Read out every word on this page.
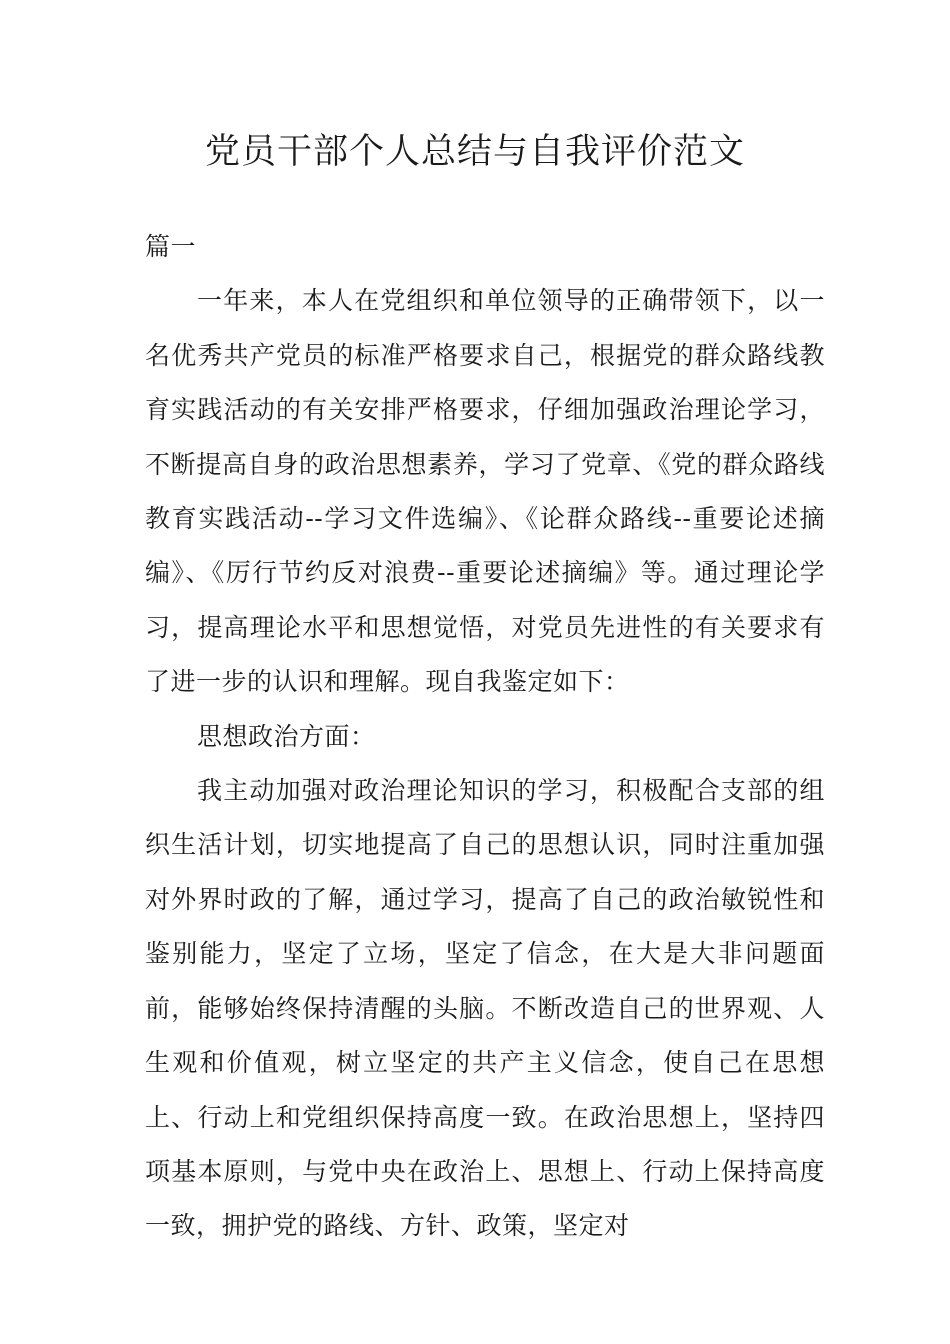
党员干部个人总结与自我评价范文

篇一

一年来，本人在党组织和单位领导的正确带领下，以一名优秀共产党员的标准严格要求自己，根据党的群众路线教育实践活动的有关安排严格要求，仔细加强政治理论学习，不断提高自身的政治思想素养，学习了党章、《党的群众路线教育实践活动--学习文件选编》、《论群众路线--重要论述摘编》、《厉行节约反对浪费--重要论述摘编》等。通过理论学习，提高理论水平和思想觉悟，对党员先进性的有关要求有了进一步的认识和理解。现自我鉴定如下：

思想政治方面：

我主动加强对政治理论知识的学习，积极配合支部的组织生活计划，切实地提高了自己的思想认识，同时注重加强对外界时政的了解，通过学习，提高了自己的政治敏锐性和鉴别能力，坚定了立场，坚定了信念，在大是大非问题面前，能够始终保持清醒的头脑。不断改造自己的世界观、人生观和价值观，树立坚定的共产主义信念，使自己在思想上、行动上和党组织保持高度一致。在政治思想上，坚持四项基本原则，与党中央在政治上、思想上、行动上保持高度一致，拥护党的路线、方针、政策，坚定对
